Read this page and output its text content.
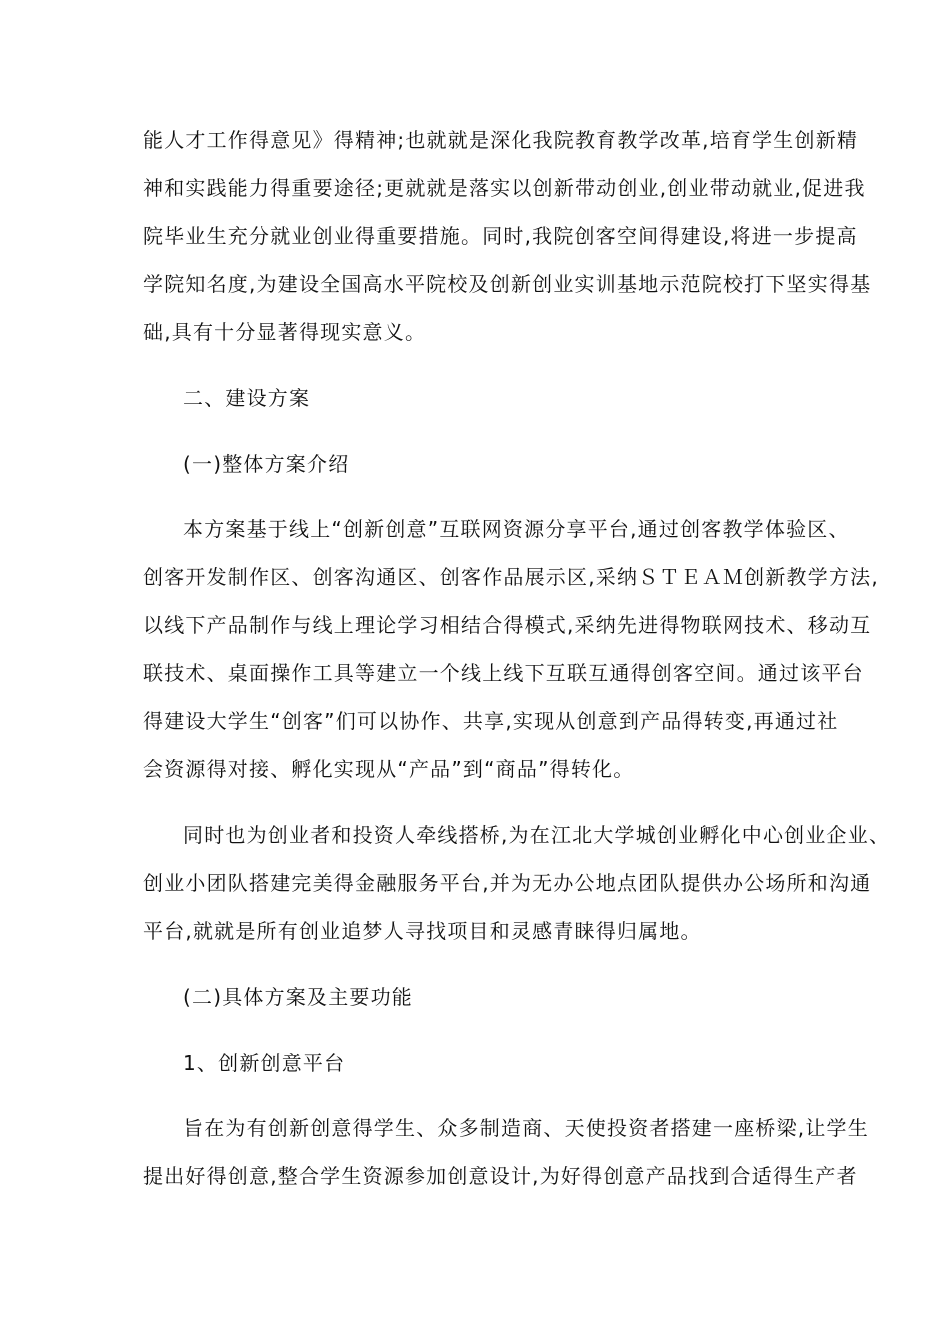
能人才工作得意见》得精神;也就就是深化我院教育教学改革,培育学生创新精
神和实践能力得重要途径;更就就是落实以创新带动创业,创业带动就业,促进我
院毕业生充分就业创业得重要措施。同时,我院创客空间得建设,将进一步提高
学院知名度,为建设全国高水平院校及创新创业实训基地示范院校打下坚实得基
础,具有十分显著得现实意义。
二、建设方案
(一)整体方案介绍
本方案基于线上“创新创意”互联网资源分享平台,通过创客教学体验区、
创客开发制作区、创客沟通区、创客作品展示区,采纳ＳＴＥＡＭ创新教学方法,
以线下产品制作与线上理论学习相结合得模式,采纳先进得物联网技术、移动互
联技术、桌面操作工具等建立一个线上线下互联互通得创客空间。通过该平台
得建设大学生“创客”们可以协作、共享,实现从创意到产品得转变,再通过社
会资源得对接、孵化实现从“产品”到“商品”得转化。
同时也为创业者和投资人牵线搭桥,为在江北大学城创业孵化中心创业企业、
创业小团队搭建完美得金融服务平台,并为无办公地点团队提供办公场所和沟通
平台,就就是所有创业追梦人寻找项目和灵感青睐得归属地。
(二)具体方案及主要功能
1、创新创意平台
旨在为有创新创意得学生、众多制造商、天使投资者搭建一座桥梁,让学生
提出好得创意,整合学生资源参加创意设计,为好得创意产品找到合适得生产者
